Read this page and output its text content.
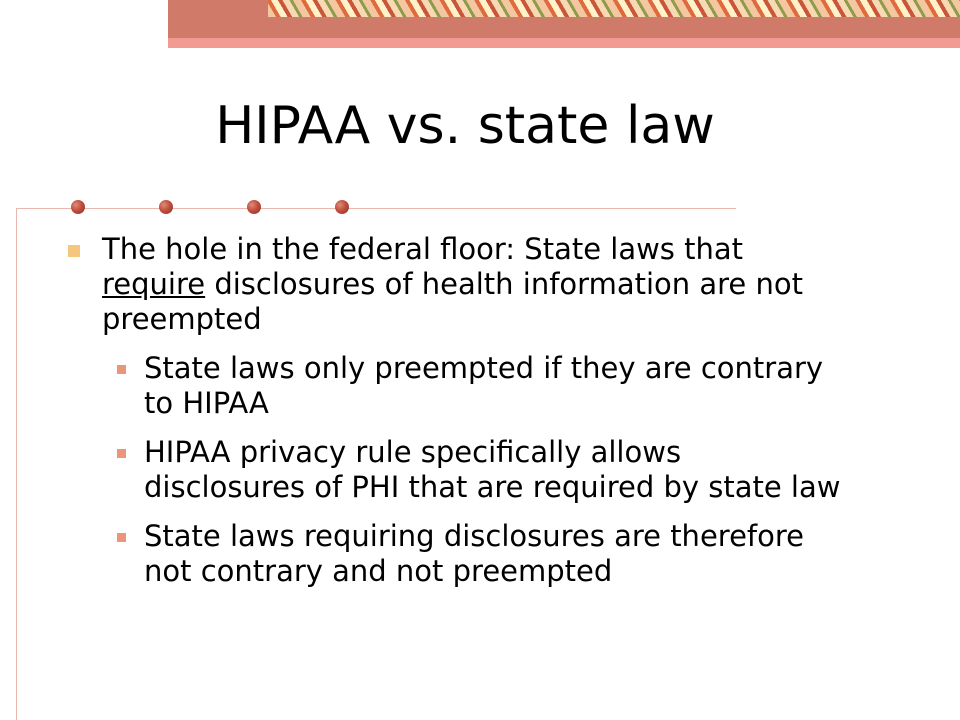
HIPAA vs. state law
The hole in the federal floor: State laws that require disclosures of health information are not preempted
State laws only preempted if they are contrary to HIPAA
HIPAA privacy rule specifically allows disclosures of PHI that are required by state law
State laws requiring disclosures are therefore not contrary and not preempted
